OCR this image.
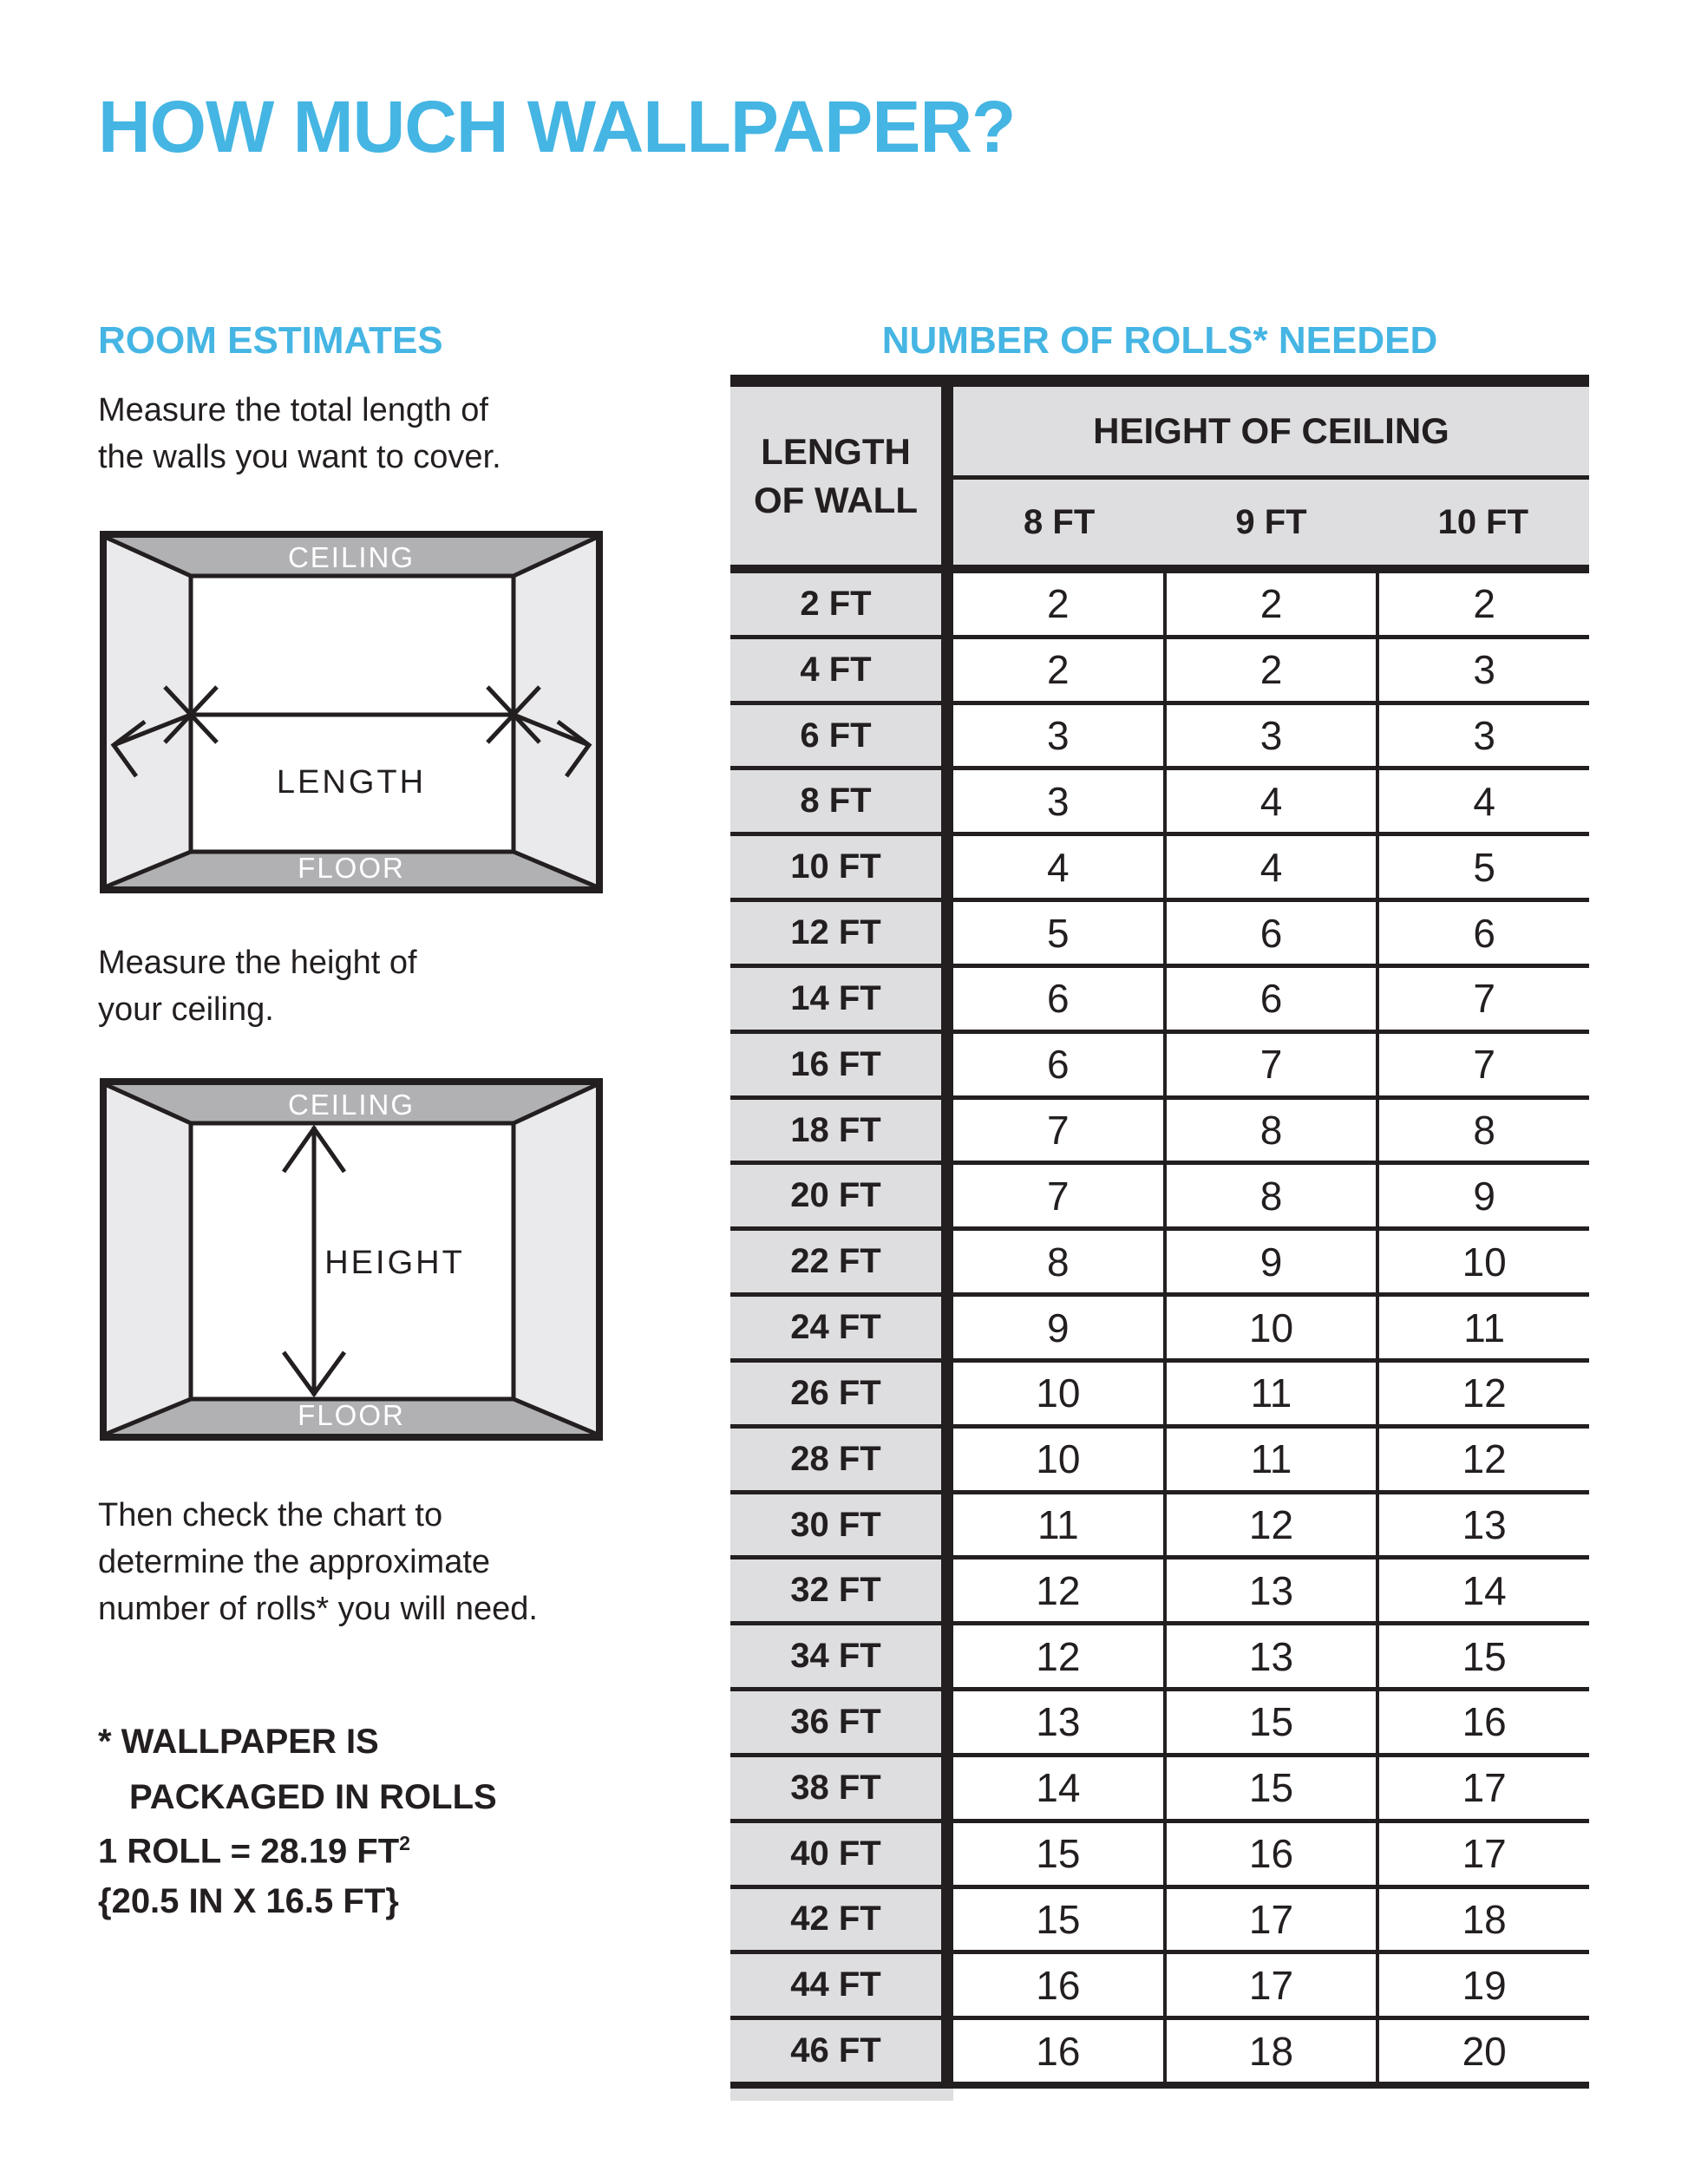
HOW MUCH WALLPAPER?
ROOM ESTIMATES	NUMBER OF ROLLS* NEEDED

Measure the total length of
the walls you want to cover.

CEILING
FLOOR
LENGTH

Measure the height of
your ceiling.

CEILING
FLOOR
HEIGHT

Then check the chart to
determine the approximate
number of rolls* you will need.

* WALLPAPER IS
PACKAGED IN ROLLS
1 ROLL = 28.19 $FT^2$
{20.5 IN X 16.5 FT}
LENGTH
OF WALL
HEIGHT OF CEILING
8 FT	9 FT	10 FT
2 FT	2	2	2
4 FT	2	2	3
6 FT	3	3	3
8 FT	3	4	4
10 FT	4	4	5
12 FT	5	6	6
14 FT	6	6	7
16 FT	6	7	7
18 FT	7	8	8
20 FT	7	8	9
22 FT	8	9	10
24 FT	9	10	11
26 FT	10	11	12
28 FT	10	11	12
30 FT	11	12	13
32 FT	12	13	14
34 FT	12	13	15
36 FT	13	15	16
38 FT	14	15	17
40 FT	15	16	17
42 FT	15	17	18
44 FT	16	17	19
46 FT	16	18	20
